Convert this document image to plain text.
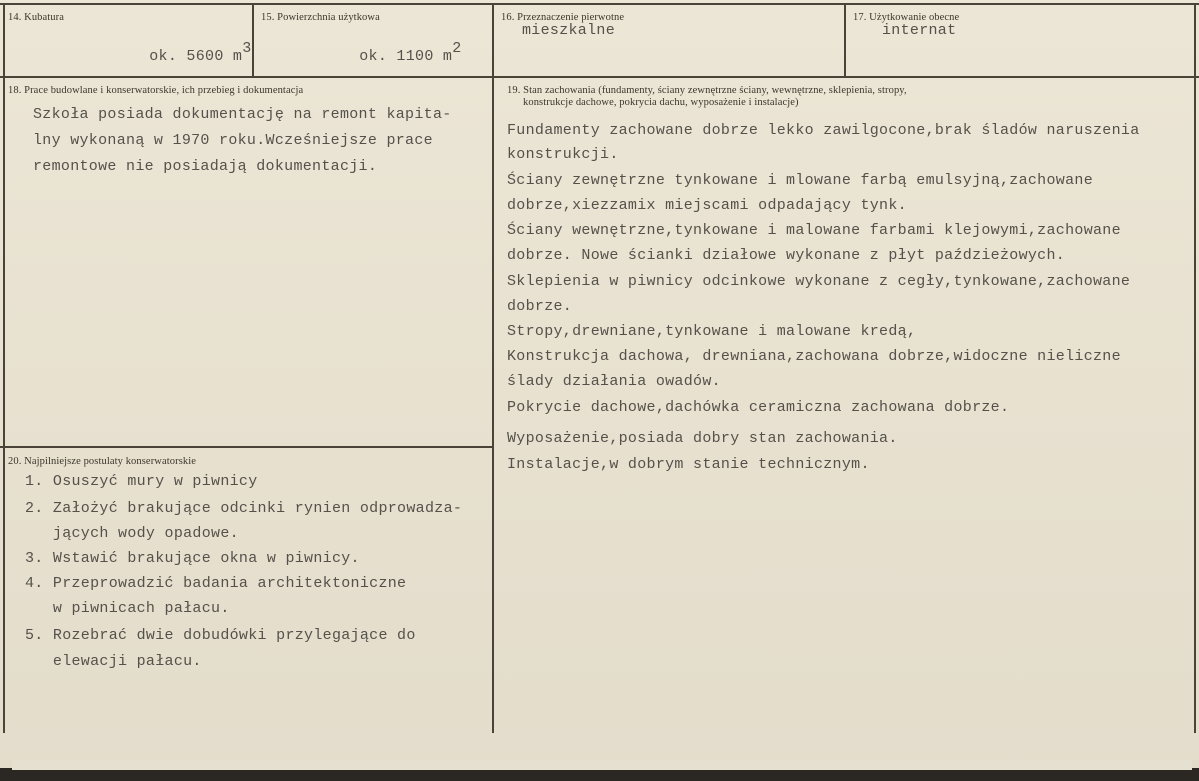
14. Kubatura

ok. 5600 $m^3$

15. Powierzchnia użytkowa

ok. 1100 $m^2$

16. Przeznaczenie pierwotne
mieszkalne
17. Użytkowanie obecne
internat
18. Prace budowlane i konserwatorskie, ich przebieg i dokumentacja
Szkoła posiada dokumentację na remont kapita-
lny wykonaną w 1970 roku.Wcześniejsze prace
remontowe nie posiadają dokumentacji.
19. Stan zachowania (fundamenty, ściany zewnętrzne ściany, wewnętrzne, sklepienia, stropy,
konstrukcje dachowe, pokrycia dachu, wyposażenie i instalacje)
Fundamenty zachowane dobrze lekko zawilgocone,brak śladów naruszenia
konstrukcji.
Ściany zewnętrzne tynkowane i mlowane farbą emulsyjną,zachowane
dobrze,xiezzamix miejscami odpadający tynk.
Ściany wewnętrzne,tynkowane i malowane farbami klejowymi,zachowane
dobrze. Nowe ścianki działowe wykonane z płyt paździeżowych.
Sklepienia w piwnicy odcinkowe wykonane z cegły,tynkowane,zachowane
dobrze.
Stropy,drewniane,tynkowane i malowane kredą,
Konstrukcja dachowa, drewniana,zachowana dobrze,widoczne nieliczne
ślady działania owadów.
Pokrycie dachowe,dachówka ceramiczna zachowana dobrze.
Wyposażenie,posiada dobry stan zachowania.
Instalacje,w dobrym stanie technicznym.
20. Najpilniejsze postulaty konserwatorskie
1. Osuszyć mury w piwnicy
2. Założyć brakujące odcinki rynien odprowadza-
jących wody opadowe.
3. Wstawić brakujące okna w piwnicy.
4. Przeprowadzić badania architektoniczne
w piwnicach pałacu.
5. Rozebrać dwie dobudówki przylegające do
elewacji pałacu.
